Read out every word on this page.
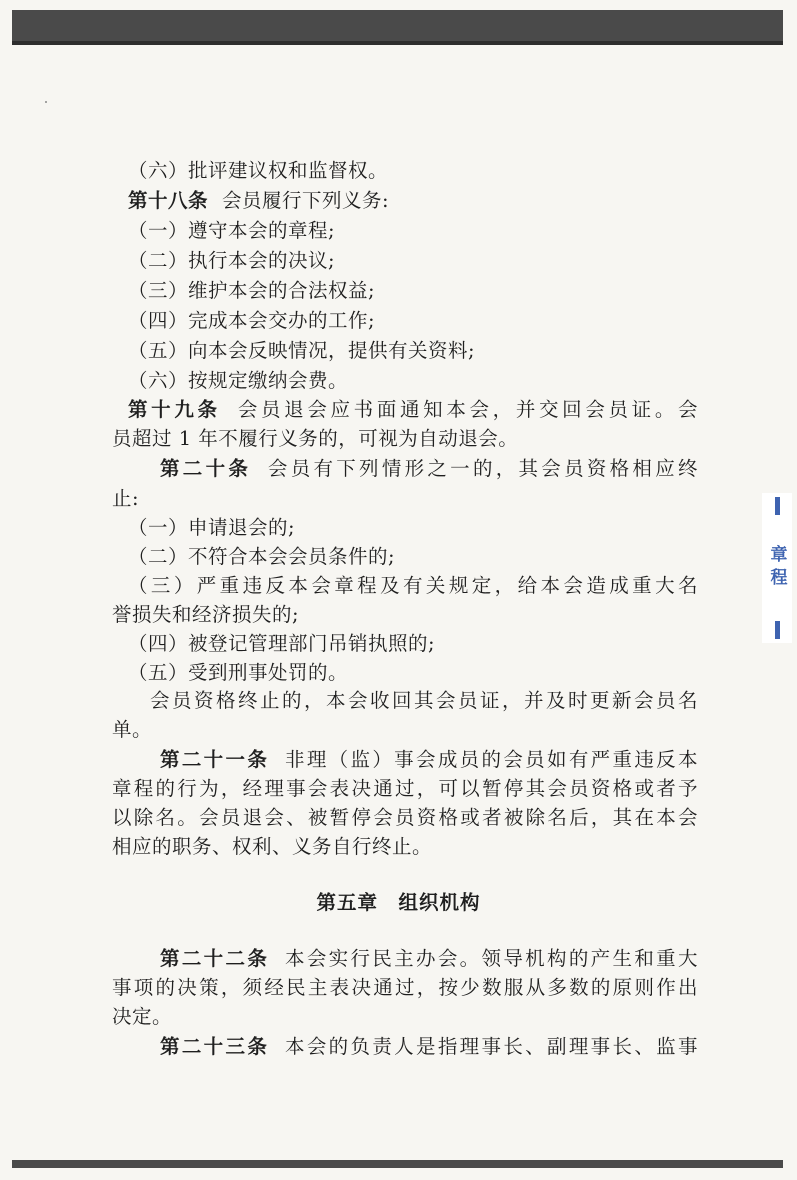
（六）批评建议权和监督权。
第十八条 会员履行下列义务:
（一）遵守本会的章程;
（二）执行本会的决议;
（三）维护本会的合法权益;
（四）完成本会交办的工作;
（五）向本会反映情况，提供有关资料;
（六）按规定缴纳会费。
第十九条 会员退会应书面通知本会，并交回会员证。会
员超过 1 年不履行义务的，可视为自动退会。
第二十条 会员有下列情形之一的，其会员资格相应终
止:
（一）申请退会的;
（二）不符合本会会员条件的;
（三）严重违反本会章程及有关规定，给本会造成重大名
誉损失和经济损失的;
（四）被登记管理部门吊销执照的;
（五）受到刑事处罚的。
会员资格终止的，本会收回其会员证，并及时更新会员名
单。
第二十一条 非理（监）事会成员的会员如有严重违反本
章程的行为，经理事会表决通过，可以暂停其会员资格或者予
以除名。会员退会、被暂停会员资格或者被除名后，其在本会
相应的职务、权利、义务自行终止。
第五章　组织机构
第二十二条 本会实行民主办会。领导机构的产生和重大
事项的决策，须经民主表决通过，按少数服从多数的原则作出
决定。
第二十三条 本会的负责人是指理事长、副理事长、监事
章程
